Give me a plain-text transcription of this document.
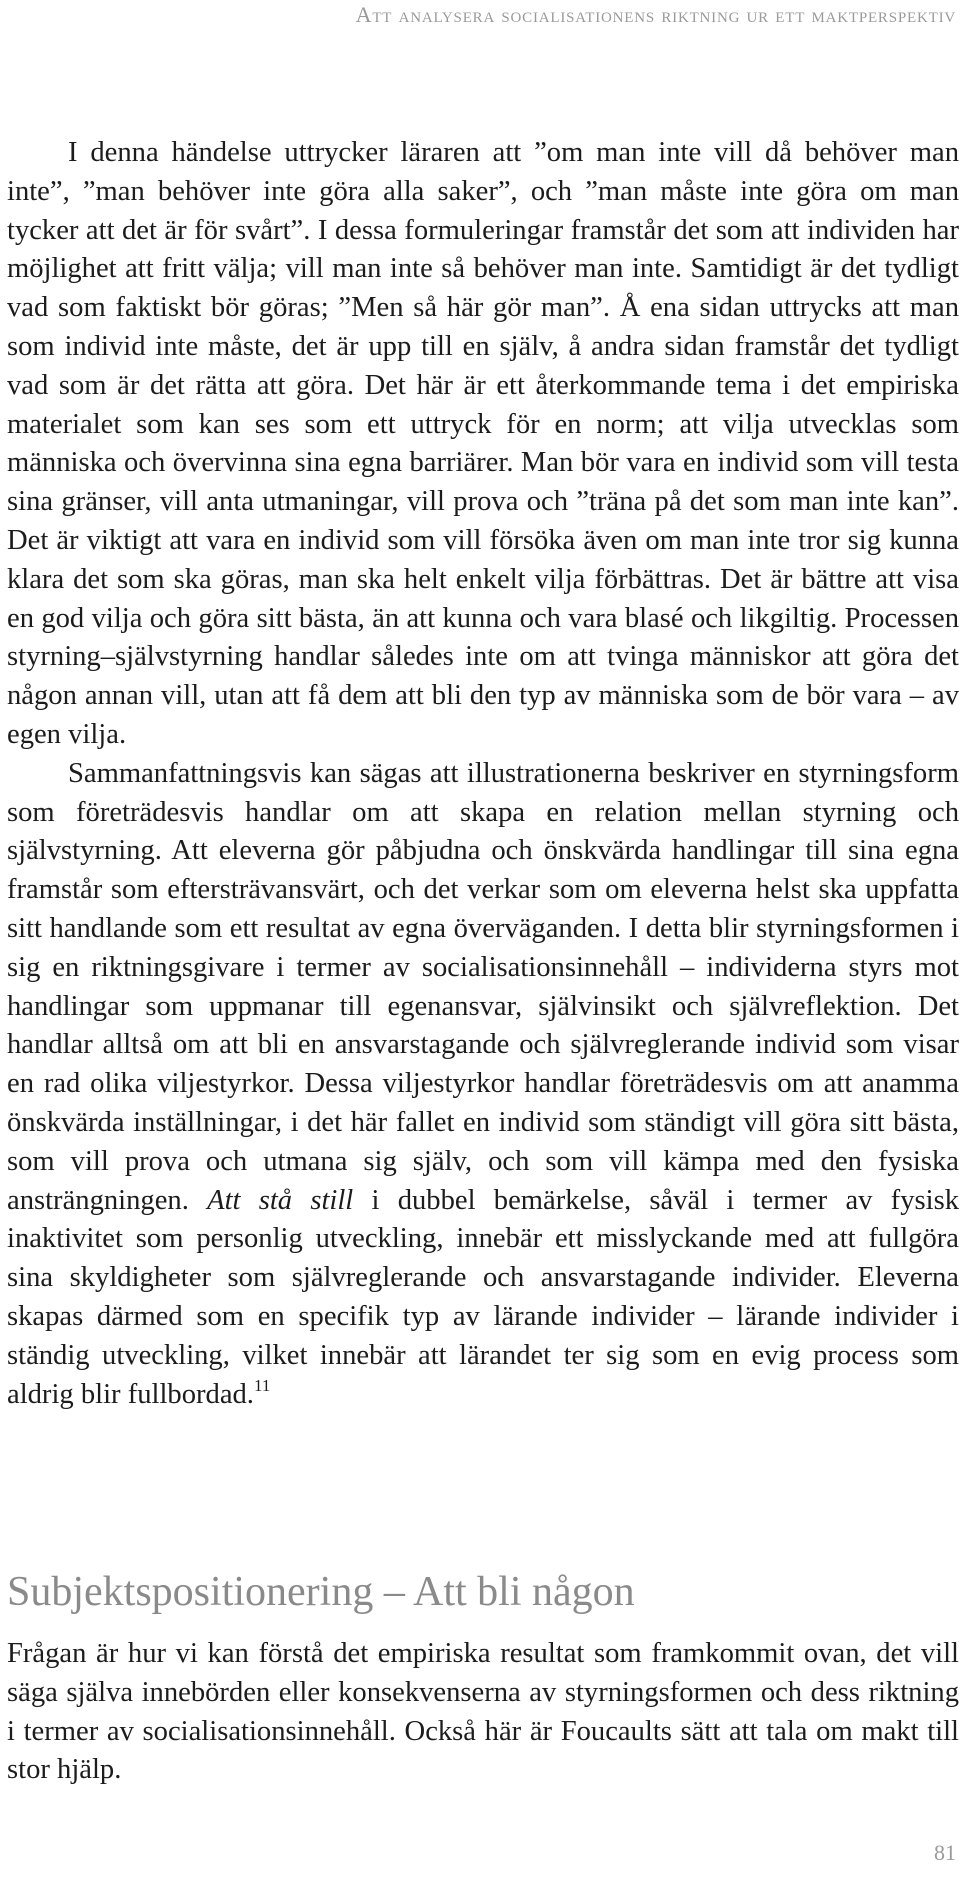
Att analysera socialisationens riktning ur ett maktperspektiv

I denna händelse uttrycker läraren att ”om man inte vill då behöver man inte”, ”man behöver inte göra alla saker”, och ”man måste inte göra om man tycker att det är för svårt”. I dessa formuleringar framstår det som att individen har möjlighet att fritt välja; vill man inte så behöver man inte. Samtidigt är det tydligt vad som faktiskt bör göras; ”Men så här gör man”. Å ena sidan uttrycks att man som individ inte måste, det är upp till en själv, å andra sidan framstår det tydligt vad som är det rätta att göra. Det här är ett återkommande tema i det empiriska materialet som kan ses som ett uttryck för en norm; att vilja utvecklas som människa och övervinna sina egna barriärer. Man bör vara en individ som vill testa sina gränser, vill anta utmaningar, vill prova och ”träna på det som man inte kan”. Det är viktigt att vara en individ som vill försöka även om man inte tror sig kunna klara det som ska göras, man ska helt enkelt vilja förbättras. Det är bättre att visa en god vilja och göra sitt bästa, än att kunna och vara blasé och likgiltig. Processen styrning–självstyrning handlar således inte om att tvinga människor att göra det någon annan vill, utan att få dem att bli den typ av människa som de bör vara – av egen vilja.

Sammanfattningsvis kan sägas att illustrationerna beskriver en styrningsform som företrädesvis handlar om att skapa en relation mellan styrning och självstyrning. Att eleverna gör påbjudna och önskvärda handlingar till sina egna framstår som eftersträvansvärt, och det verkar som om eleverna helst ska uppfatta sitt handlande som ett resultat av egna överväganden. I detta blir styrningsformen i sig en riktningsgivare i termer av socialisationsinnehåll – individerna styrs mot handlingar som uppmanar till egenansvar, självinsikt och självreflektion. Det handlar alltså om att bli en ansvarstagande och självreglerande individ som visar en rad olika viljestyrkor. Dessa viljestyrkor handlar företrädesvis om att anamma önskvärda inställningar, i det här fallet en individ som ständigt vill göra sitt bästa, som vill prova och utmana sig själv, och som vill kämpa med den fysiska ansträngningen. Att stå still i dubbel bemärkelse, såväl i termer av fysisk inaktivitet som personlig utveckling, innebär ett misslyckande med att fullgöra sina skyldigheter som självreglerande och ansvarstagande individer. Eleverna skapas därmed som en specifik typ av lärande individer – lärande individer i ständig utveckling, vilket innebär att lärandet ter sig som en evig process som aldrig blir fullbordad.$^{11}$

Subjektspositionering – Att bli någon

Frågan är hur vi kan förstå det empiriska resultat som framkommit ovan, det vill säga själva innebörden eller konsekvenserna av styrningsformen och dess riktning i termer av socialisationsinnehåll. Också här är Foucaults sätt att tala om makt till stor hjälp.

81
